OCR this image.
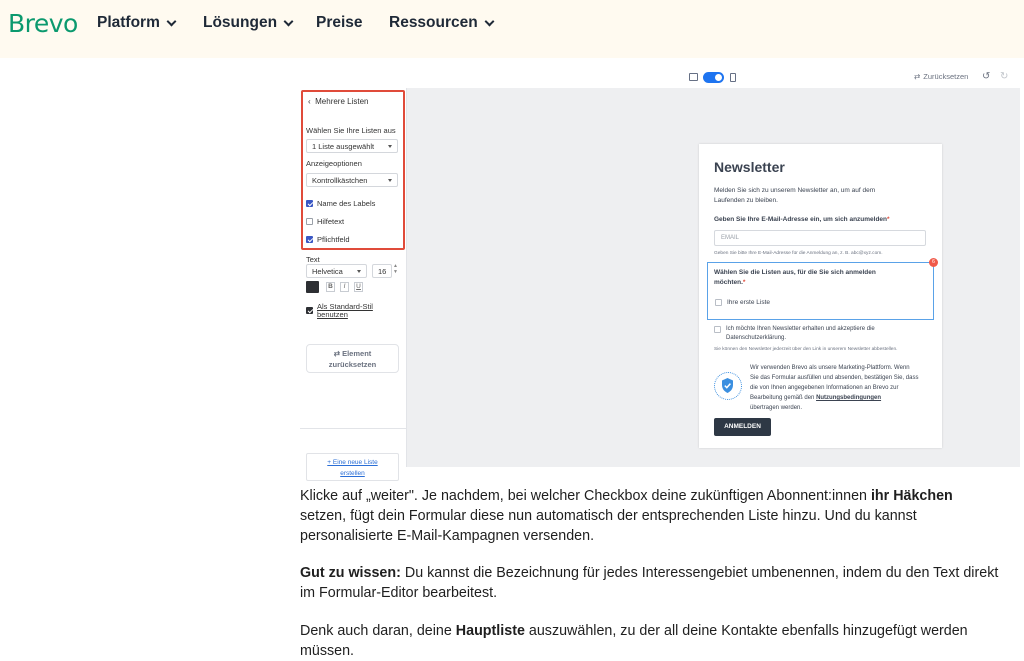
Brevo Platform	Lösungen	Preise Ressourcen
⇄ Zurücksetzen ↺ ↻
Newsletter
Melden Sie sich zu unserem Newsletter an, um auf dem
Laufenden zu bleiben.
Geben Sie Ihre E-Mail-Adresse ein, um sich anzumelden*
EMAIL
Geben Sie bitte Ihre E-Mail-Adresse für die Anmeldung an, z. B. abc@xyz.com.
6
Wählen Sie die Listen aus, für die Sie sich anmelden
möchten.*
Ihre erste Liste
Ich möchte Ihren Newsletter erhalten und akzeptiere die
Datenschutzerklärung.
Sie können den Newsletter jederzeit über den Link in unserem Newsletter abbestellen.
Wir verwenden Brevo als unsere Marketing-Plattform. Wenn
Sie das Formular ausfüllen und absenden, bestätigen Sie, dass
die von Ihnen angegebenen Informationen an Brevo zur
Bearbeitung gemäß den Nutzungsbedingungen
übertragen werden.
ANMELDEN
‹ Mehrere Listen
Wählen Sie Ihre Listen aus
1 Liste ausgewählt
Anzeigeoptionen
Kontrollkästchen
Name des Labels
Hilfetext
Pflichtfeld
Text
Helvetica	16
▲
▼
B	I	U
Als Standard-Stil
benutzen
⇄ Element
zurücksetzen
+ Eine neue Liste
erstellen

Klicke auf „weiter". Je nachdem, bei welcher Checkbox deine zukünftigen Abonnent:innen ihr Häkchen setzen, fügt dein Formular diese nun automatisch der entsprechenden Liste hinzu. Und du kannst personalisierte E-Mail-Kampagnen versenden.

Gut zu wissen: Du kannst die Bezeichnung für jedes Interessengebiet umbenennen, indem du den Text direkt im Formular-Editor bearbeitest.

Denk auch daran, deine Hauptliste auszuwählen, zu der all deine Kontakte ebenfalls hinzugefügt werden müssen.
